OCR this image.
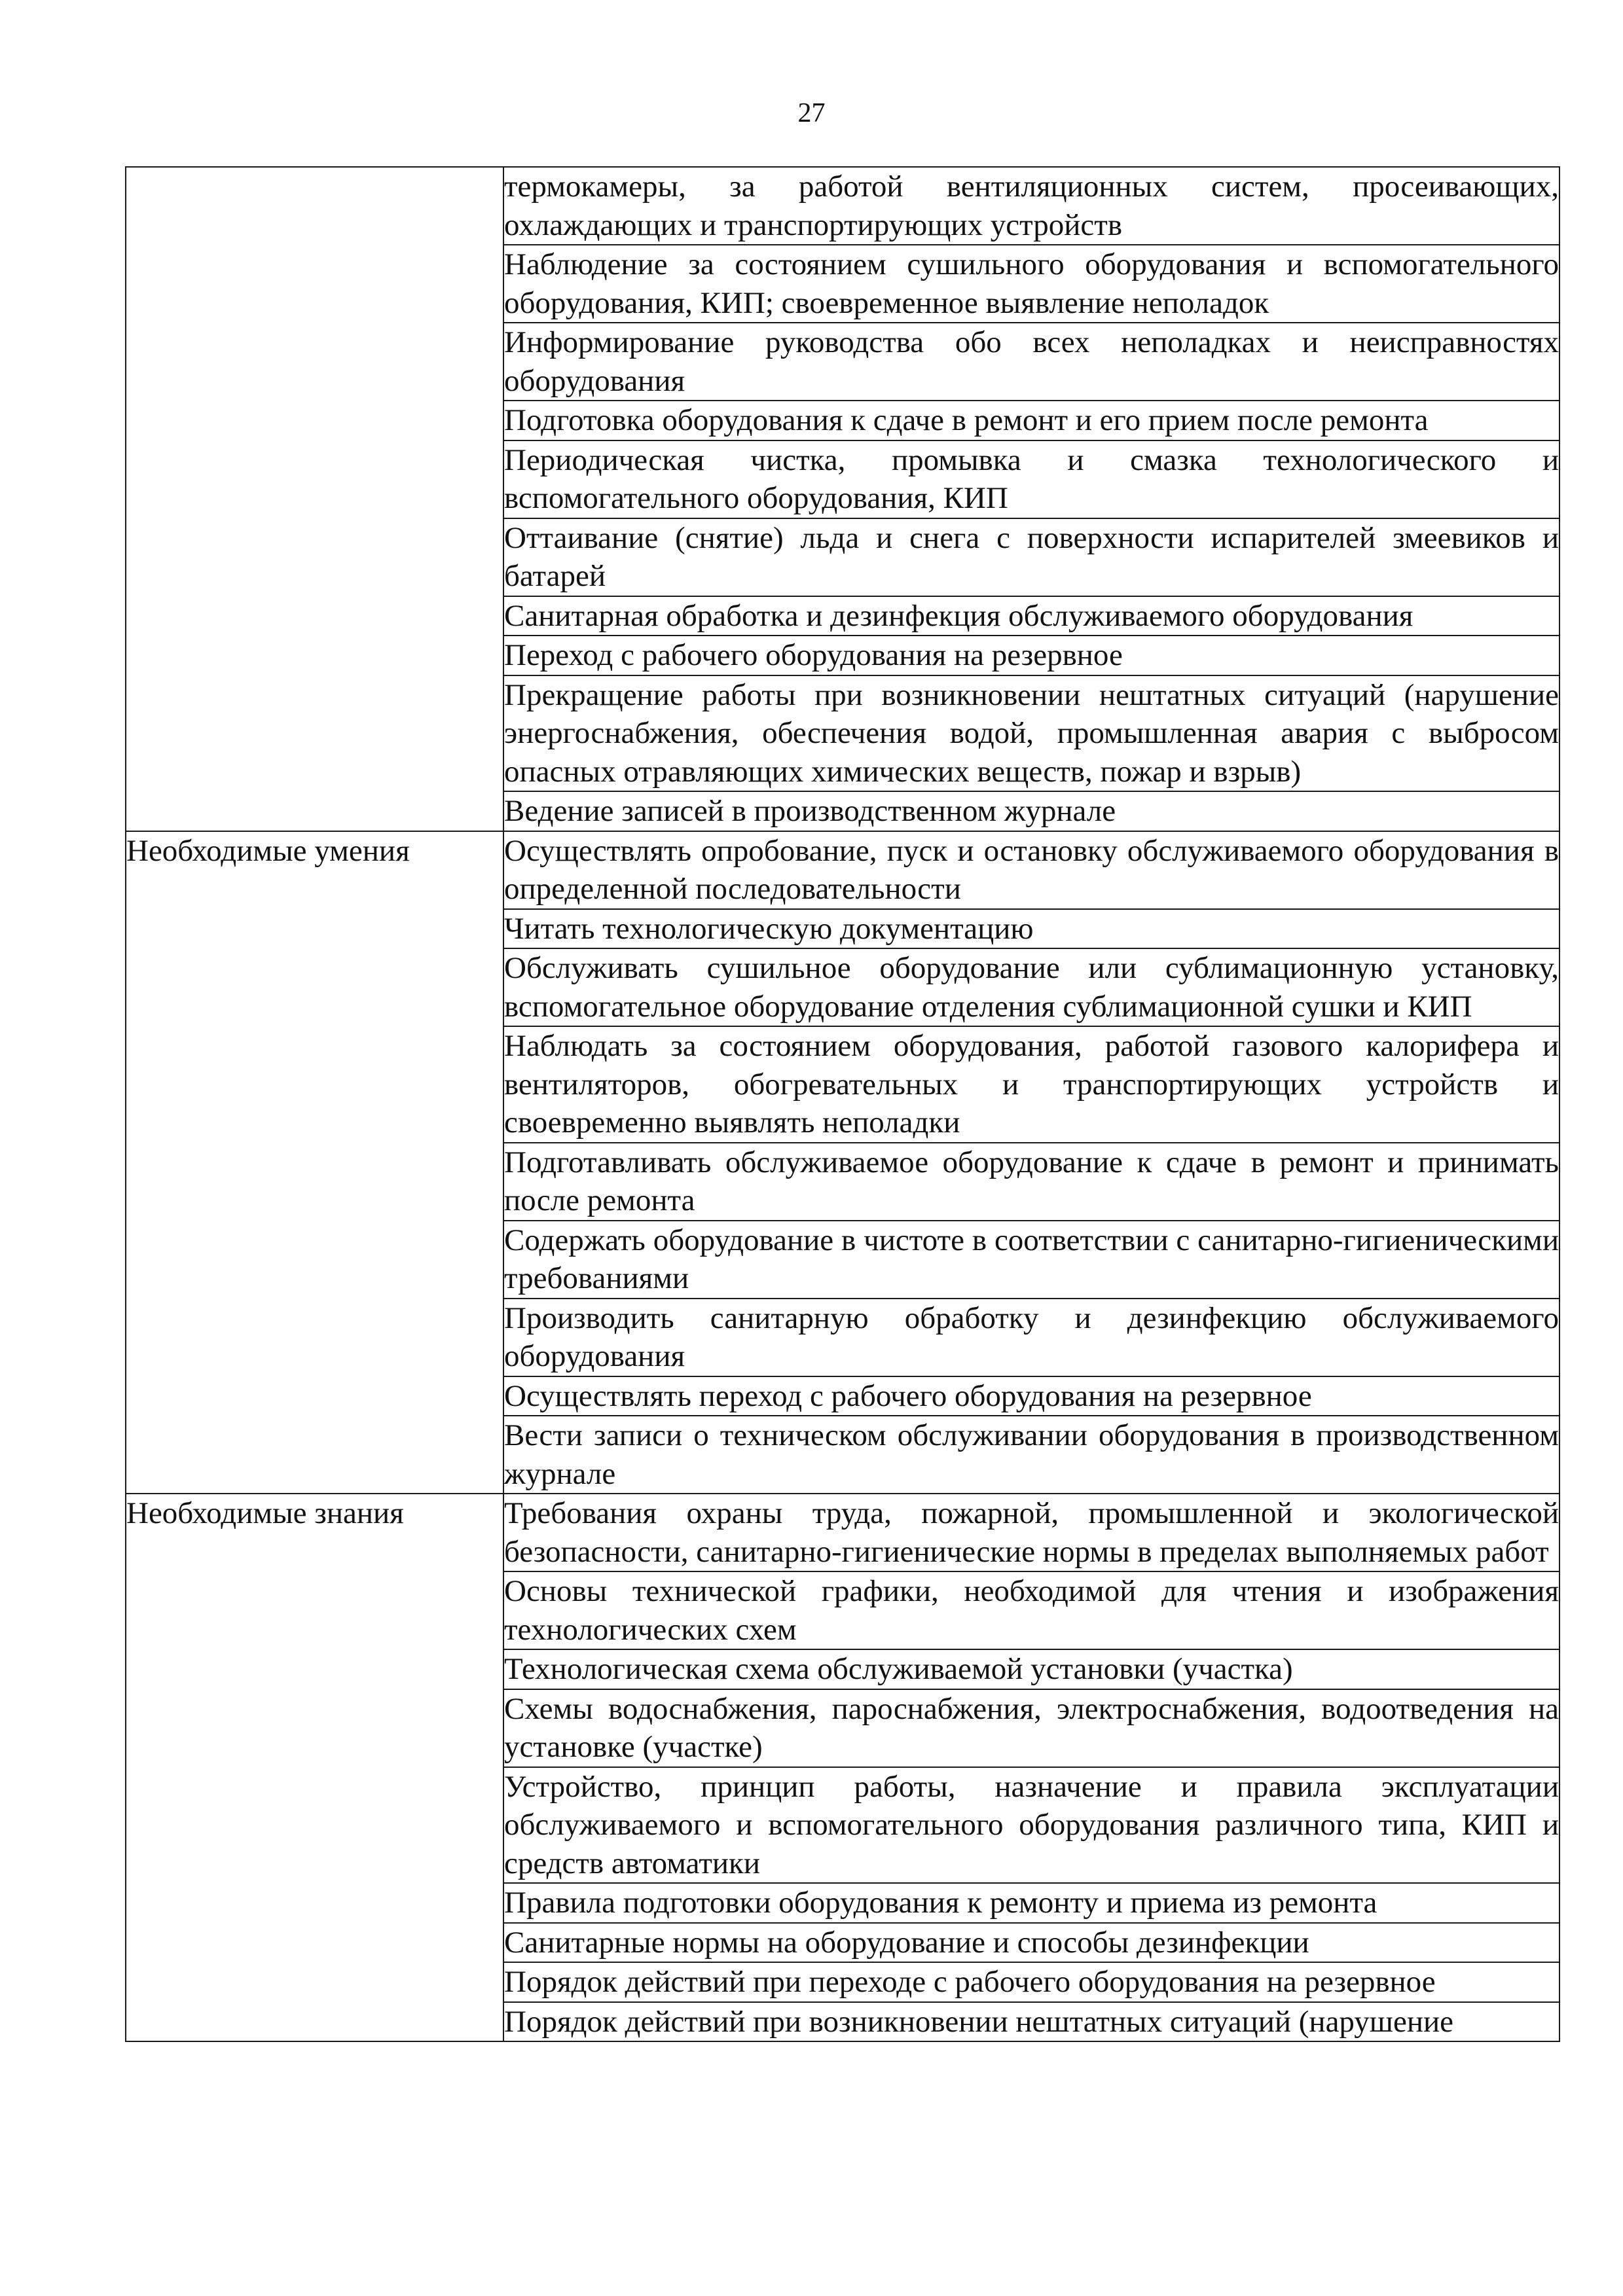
27

	термокамеры, за работой вентиляционных систем, просеивающих, охлаждающих и транспортирующих устройств

	Наблюдение за состоянием сушильного оборудования и вспомогательного оборудования, КИП; своевременное выявление неполадок

	Информирование руководства обо всех неполадках и неисправностях оборудования

	Подготовка оборудования к сдаче в ремонт и его прием после ремонта

	Периодическая чистка, промывка и смазка технологического и вспомогательного оборудования, КИП

	Оттаивание (снятие) льда и снега с поверхности испарителей змеевиков и батарей

	Санитарная обработка и дезинфекция обслуживаемого оборудования

	Переход с рабочего оборудования на резервное

	Прекращение работы при возникновении нештатных ситуаций (нарушение энергоснабжения, обеспечения водой, промышленная авария с выбросом опасных отравляющих химических веществ, пожар и взрыв)

	Ведение записей в производственном журнале

Необходимые умения	Осуществлять опробование, пуск и остановку обслуживаемого оборудования в определенной последовательности

	Читать технологическую документацию

	Обслуживать сушильное оборудование или сублимационную установку, вспомогательное оборудование отделения сублимационной сушки и КИП

	Наблюдать за состоянием оборудования, работой газового калорифера и вентиляторов, обогревательных и транспортирующих устройств и своевременно выявлять неполадки

	Подготавливать обслуживаемое оборудование к сдаче в ремонт и принимать после ремонта

	Содержать оборудование в чистоте в соответствии с санитарно-гигиеническими требованиями

	Производить санитарную обработку и дезинфекцию обслуживаемого оборудования

	Осуществлять переход с рабочего оборудования на резервное

	Вести записи о техническом обслуживании оборудования в производственном журнале

Необходимые знания	Требования охраны труда, пожарной, промышленной и экологической безопасности, санитарно-гигиенические нормы в пределах выполняемых работ

	Основы технической графики, необходимой для чтения и изображения технологических схем

	Технологическая схема обслуживаемой установки (участка)

	Схемы водоснабжения, пароснабжения, электроснабжения, водоотведения на установке (участке)

	Устройство, принцип работы, назначение и правила эксплуатации обслуживаемого и вспомогательного оборудования различного типа, КИП и средств автоматики

	Правила подготовки оборудования к ремонту и приема из ремонта

	Санитарные нормы на оборудование и способы дезинфекции

	Порядок действий при переходе с рабочего оборудования на резервное

	Порядок действий при возникновении нештатных ситуаций (нарушение
